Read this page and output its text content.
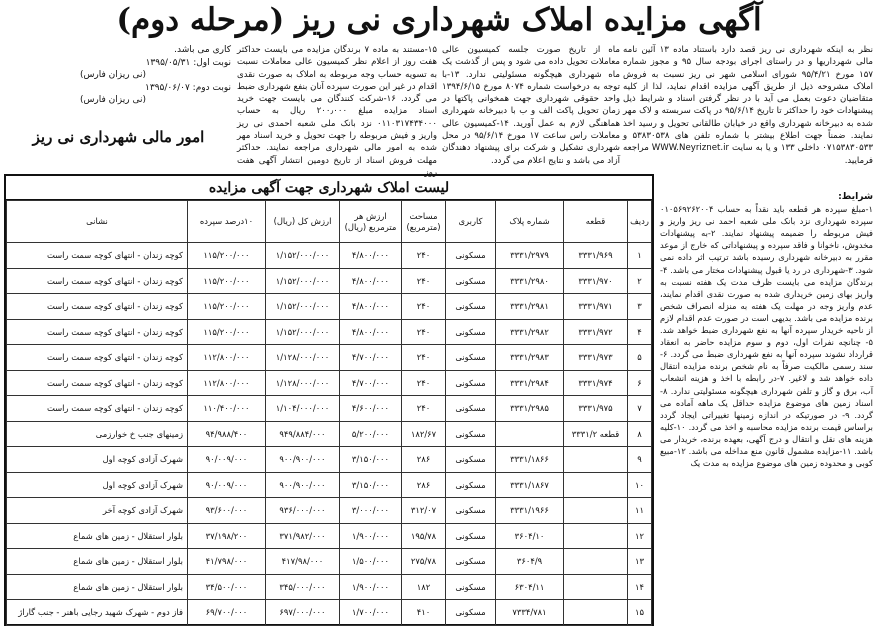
آگهی مزایده املاک شهرداری نی ریز (مرحله دوم)
نظر به اینکه شهرداری نی ریز قصد دارد باستناد ماده ۱۳ آئین نامه مالی شهرداریها و در راستای اجرای بودجه سال ۹۵ و مجوز شماره ۱۵۷ مورخ ۹۵/۴/۲۱ شورای اسلامی شهر نی ریز نسبت به فروش املاک مشروحه ذیل از طریق آگهی مزایده اقدام نماید، لذا از کلیه متقاضیان دعوت بعمل می آید با در نظر گرفتن اسناد و شرایط ذیل پیشنهادات خود را حداکثر تا تاریخ ۹۵/۶/۱۴ در پاکت سربسته و لاک مهر شده به دبیرخانه شهرداری واقع در خیابان طالقانی تحویل و رسید اخذ نمایند. ضمناً جهت اطلاع بیشتر با شماره تلفن های ۵۳۸۳۰۵۳۸ و ۰۷۱۵۳۸۳۰۵۳۳ داخلی ۱۳۳ و یا به سایت WWW.Neyriznet.ir مراجعه فرمایید.
ماه از تاریخ صورت جلسه کمیسیون عالی معاملات تحویل داده می شود و پس از گذشت یک ماه شهرداری هیچگونه مسئولیتی ندارد. ۱۳-با توجه به درخواست شماره ۸۰۷۴ مورخ ۱۳۹۴/۶/۱۵ واحد حقوقی شهرداری جهت همخوانی پاکتها در زمان تحویل پاکت الف و ب با دبیرخانه شهرداری هماهنگی لازم به عمل آورید. ۱۴-کمیسیون عالی معاملات راس ساعت ۱۷ مورخ ۹۵/۶/۱۴ در محل شهرداری تشکیل و شرکت برای پیشنهاد دهندگان آزاد می باشد و نتایج اعلام می گردد.
۱۵-مستند به ماده ۷ برندگان مزایده می بایست حداکثر هفت روز از اعلام نظر کمیسیون عالی معاملات نسبت به تسویه حساب وجه مربوطه به املاک به صورت نقدی اقدام در غیر این صورت سپرده آنان بنفع شهرداری ضبط می گردد. ۱۶-شرکت کنندگان می بایست جهت خرید اسناد مزایده مبلغ ۲۰۰٫۰۰۰ ریال به حساب ۰۱۱۰۳۱۷۴۳۴۰۰۰ نزد بانک ملی شعبه احمدی نی ریز واریز و فیش مربوطه را جهت تحویل و خرید اسناد مهر شده به امور مالی شهرداری مراجعه نمایند. حداکثر مهلت فروش اسناد از تاریخ دومین انتشار آگهی هفت روز
کاری می باشد.
نوبت اول: ۱۳۹۵/۰۵/۳۱
(نی ریزان فارس)
نوبت دوم: ۱۳۹۵/۰۶/۰۷
(نی ریزان فارس)
امور مالی شهرداری نی ریز
شرایط:
۱-مبلغ سپرده هر قطعه باید نقداً به حساب ۰۱۰۵۶۹۲۶۲۰۰۴ سپرده شهرداری نزد بانک ملی شعبه احمد نی ریز واریز و فیش مربوطه را ضمیمه پیشنهاد نمایند. ۲-به پیشنهادات مخدوش، ناخوانا و فاقد سپرده و پیشنهاداتی که خارج از موعد مقرر به دبیرخانه شهرداری رسیده باشد ترتیب اثر داده نمی شود. ۳-شهرداری در رد یا قبول پیشنهادات مختار می باشد. ۴-برندگان مزایده می بایست ظرف مدت یک هفته نسبت به واریز بهای زمین خریداری شده به صورت نقدی اقدام نمایند، عدم واریز وجه در مهلت یک هفته به منزله انصراف شخص برنده مزایده می باشد. بدیهی است در صورت عدم اقدام لازم از ناحیه خریدار سپرده آنها به نفع شهرداری ضبط خواهد شد. ۵- چنانچه نفرات اول، دوم و سوم مزایده حاضر به انعقاد قرارداد نشوند سپرده آنها به نفع شهرداری ضبط می گردد. ۶-سند رسمی مالکیت صرفاً به نام شخص برنده مزایده انتقال داده خواهد شد و لاغیر. ۷-در رابطه با اخذ و هزینه انشعاب آب، برق و گاز و تلفن شهرداری هیچگونه مسئولیتی ندارد. ۸-اسناد زمین های موضوع مزایده حداقل یک ماهه آماده می گردد. ۹- در صورتیکه در اندازه زمینها تغییراتی ایجاد گردد براساس قیمت برنده مزایده محاسبه و اخذ می گردد. ۱۰-کلیه هزینه های نقل و انتقال و درج آگهی، بعهده برنده، خریدار می باشد. ۱۱-مزایده مشمول قانون منع مداخله می باشد. ۱۲-مبیع کوبی و محدوده زمین های موضوع مزایده به مدت یک
لیست املاک شهرداری جهت آگهی مزایده
ردیف	قطعه	شماره پلاک	کاربری	مساحت (مترمربع)	ارزش هر مترمربع (ریال)	ارزش کل (ریال)	۱۰درصد سپرده	نشانی
۱	۳۳۳۱/۹۶۹	۳۳۳۱/۲۹۷۹	مسکونی	۲۴۰	۴/۸۰۰/۰۰۰	۱/۱۵۲/۰۰۰/۰۰۰	۱۱۵/۲۰۰/۰۰۰	کوچه زندان - انتهای کوچه سمت راست
۲	۳۳۳۱/۹۷۰	۳۳۳۱/۲۹۸۰	مسکونی	۲۴۰	۴/۸۰۰/۰۰۰	۱/۱۵۲/۰۰۰/۰۰۰	۱۱۵/۲۰۰/۰۰۰	کوچه زندان - انتهای کوچه سمت راست
۳	۳۳۳۱/۹۷۱	۳۳۳۱/۲۹۸۱	مسکونی	۲۴۰	۴/۸۰۰/۰۰۰	۱/۱۵۲/۰۰۰/۰۰۰	۱۱۵/۲۰۰/۰۰۰	کوچه زندان - انتهای کوچه سمت راست
۴	۳۳۳۱/۹۷۲	۳۳۳۱/۲۹۸۲	مسکونی	۲۴۰	۴/۸۰۰/۰۰۰	۱/۱۵۲/۰۰۰/۰۰۰	۱۱۵/۲۰۰/۰۰۰	کوچه زندان - انتهای کوچه سمت راست
۵	۳۳۳۱/۹۷۳	۳۳۳۱/۲۹۸۳	مسکونی	۲۴۰	۴/۷۰۰/۰۰۰	۱/۱۲۸/۰۰۰/۰۰۰	۱۱۲/۸۰۰/۰۰۰	کوچه زندان - انتهای کوچه سمت راست
۶	۳۳۳۱/۹۷۴	۳۳۳۱/۲۹۸۴	مسکونی	۲۴۰	۴/۷۰۰/۰۰۰	۱/۱۲۸/۰۰۰/۰۰۰	۱۱۲/۸۰۰/۰۰۰	کوچه زندان - انتهای کوچه سمت راست
۷	۳۳۳۱/۹۷۵	۳۳۳۱/۲۹۸۵	مسکونی	۲۴۰	۴/۶۰۰/۰۰۰	۱/۱۰۴/۰۰۰/۰۰۰	۱۱۰/۴۰۰/۰۰۰	کوچه زندان - انتهای کوچه سمت راست
۸	قطعه ۳۳۳۱/۲		مسکونی	۱۸۲/۶۷	۵/۲۰۰/۰۰۰	۹۴۹/۸۸۴/۰۰۰	۹۴/۹۸۸/۴۰۰	زمینهای جنب خ خوارزمی
۹		۳۳۳۱/۱۸۶۶	مسکونی	۲۸۶	۳/۱۵۰/۰۰۰	۹۰۰/۹۰۰/۰۰۰	۹۰/۰۰۹/۰۰۰	شهرک آزادی کوچه اول
۱۰		۳۳۳۱/۱۸۶۷	مسکونی	۲۸۶	۳/۱۵۰/۰۰۰	۹۰۰/۹۰۰/۰۰۰	۹۰/۰۰۹/۰۰۰	شهرک آزادی کوچه اول
۱۱		۳۳۳۱/۱۹۶۶	مسکونی	۳۱۲/۰۷	۳/۰۰۰/۰۰۰	۹۳۶/۰۰۰/۰۰۰	۹۳/۶۰۰/۰۰۰	شهرک آزادی کوچه آخر
۱۲		۳۶۰۴/۱۰	مسکونی	۱۹۵/۷۸	۱/۹۰۰/۰۰۰	۳۷۱/۹۸۲/۰۰۰	۳۷/۱۹۸/۲۰۰	بلوار استقلال - زمین های شماع
۱۳		۳۶۰۴/۹	مسکونی	۲۷۵/۷۸	۱/۵۰۰/۰۰۰	۴۱۷/۹۸/۰۰۰	۴۱/۷۹۸/۰۰۰	بلوار استقلال - زمین های شماع
۱۴		۶۳۰۴/۱۱	مسکونی	۱۸۲	۱/۹۰۰/۰۰۰	۳۴۵/۰۰۰/۰۰۰	۳۴/۵۰۰/۰۰۰	بلوار استقلال - زمین های شماع
۱۵		۷۳۳۴/۷۸۱	مسکونی	۴۱۰	۱/۷۰۰/۰۰۰	۶۹۷/۰۰۰/۰۰۰	۶۹/۷۰۰/۰۰۰	فاز دوم - شهرک شهید رجایی باهنر - جنب گاراژ
